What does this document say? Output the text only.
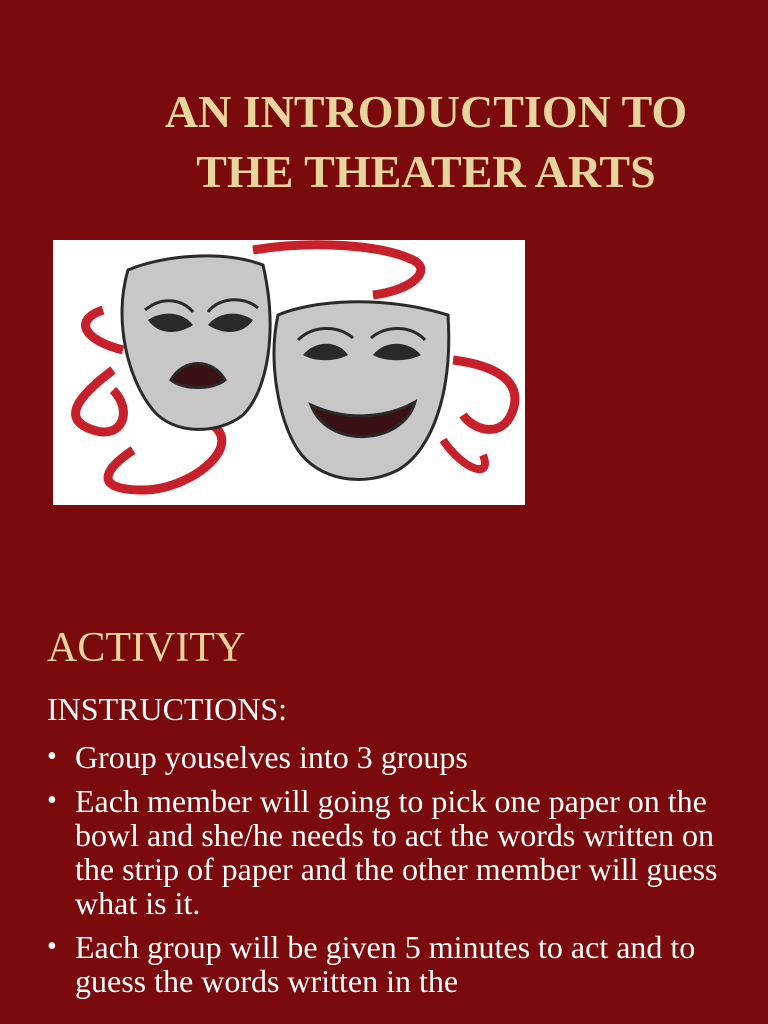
AN INTRODUCTION TO
THE THEATER ARTS
ACTIVITY
INSTRUCTIONS:
• Group youselves into 3 groups
• Each member will going to pick one paper on the bowl and she/he needs to act the words written on the strip of paper and the other member will guess what is it.
• Each group will be given 5 minutes to act and to guess the words written in the
